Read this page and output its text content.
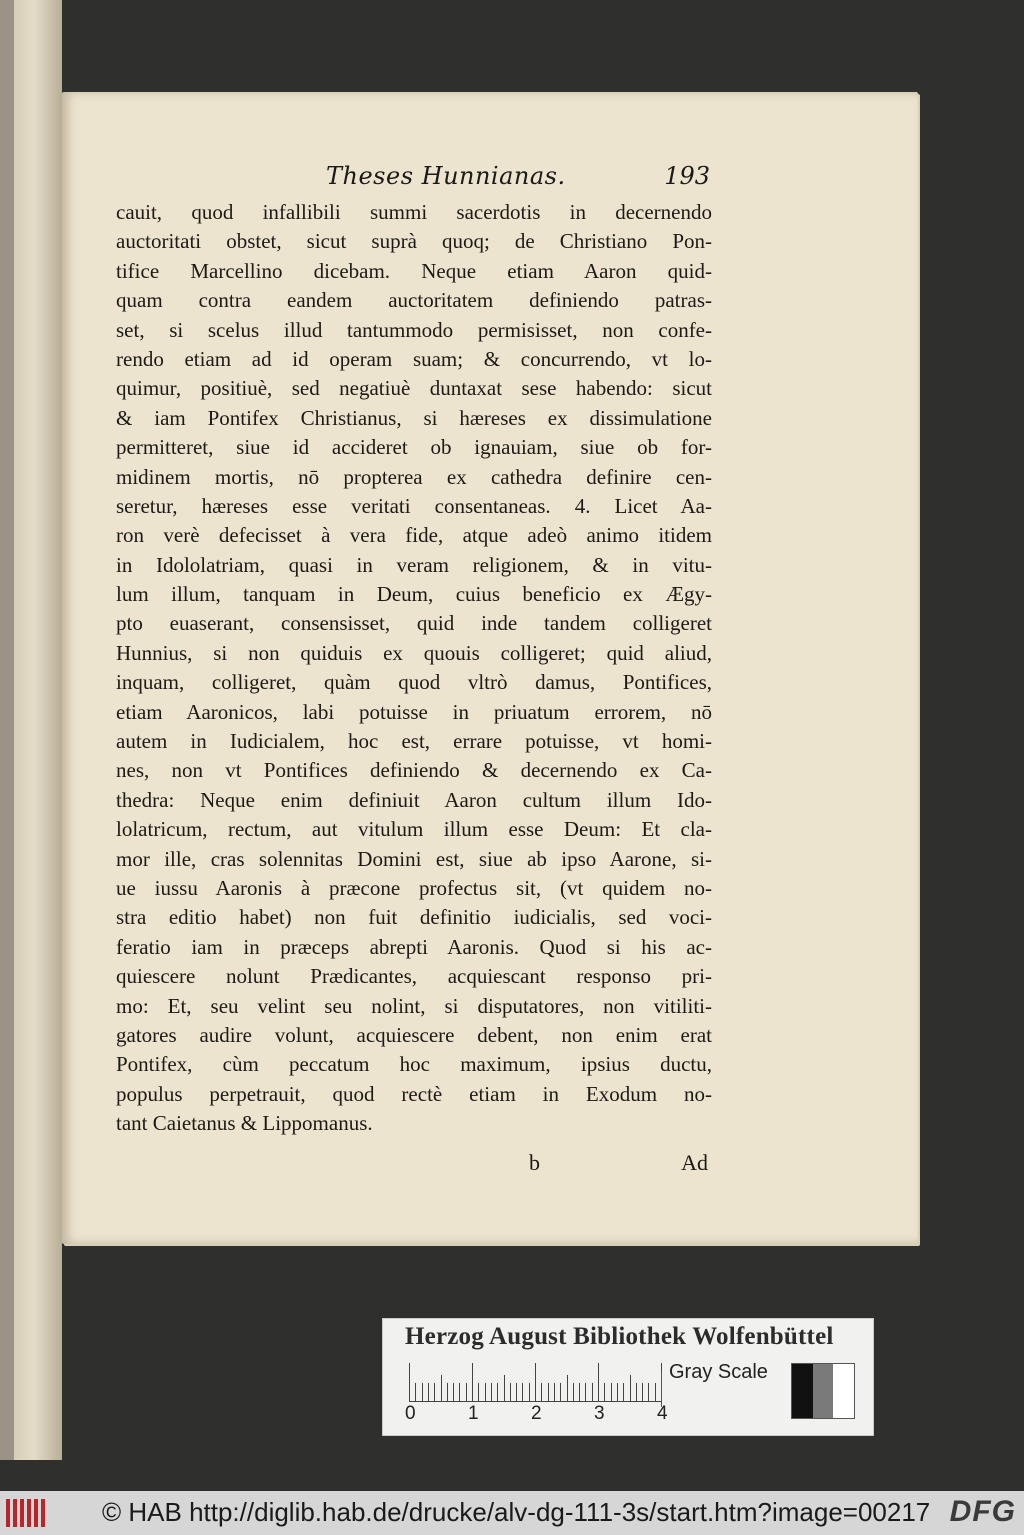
Theses Hunnianas.	193
cauit, quod infallibili summi sacerdotis in decernendo
auctoritati obstet, sicut suprà quoq; de Christiano Pon-
tifice Marcellino dicebam. Neque etiam Aaron quid-
quam contra eandem auctoritatem definiendo patras-
set, si scelus illud tantummodo permisisset, non confe-
rendo etiam ad id operam suam; & concurrendo, vt lo-
quimur, positiuè, sed negatiuè duntaxat sese habendo: sicut
& iam Pontifex Christianus, si hæreses ex dissimulatione
permitteret, siue id accideret ob ignauiam, siue ob for-
midinem mortis, nō propterea ex cathedra definire cen-
seretur, hæreses esse veritati consentaneas. 4. Licet Aa-
ron verè defecisset à vera fide, atque adeò animo itidem
in Idololatriam, quasi in veram religionem, & in vitu-
lum illum, tanquam in Deum, cuius beneficio ex Ægy-
pto euaserant, consensisset, quid inde tandem colligeret
Hunnius, si non quiduis ex quouis colligeret; quid aliud,
inquam, colligeret, quàm quod vltrò damus, Pontifices,
etiam Aaronicos, labi potuisse in priuatum errorem, nō
autem in Iudicialem, hoc est, errare potuisse, vt homi-
nes, non vt Pontifices definiendo & decernendo ex Ca-
thedra: Neque enim definiuit Aaron cultum illum Ido-
lolatricum, rectum, aut vitulum illum esse Deum: Et cla-
mor ille, cras solennitas Domini est, siue ab ipso Aarone, si-
ue iussu Aaronis à præcone profectus sit, (vt quidem no-
stra editio habet) non fuit definitio iudicialis, sed voci-
feratio iam in præceps abrepti Aaronis. Quod si his ac-
quiescere nolunt Prædicantes, acquiescant responso pri-
mo: Et, seu velint seu nolint, si disputatores, non vitiliti-
gatores audire volunt, acquiescere debent, non enim erat
Pontifex, cùm peccatum hoc maximum, ipsius ductu,
populus perpetrauit, quod rectè etiam in Exodum no-
tant Caietanus & Lippomanus.
b	Ad
Herzog August Bibliothek Wolfenbüttel
0	1	2	3	4
Gray Scale
© HAB http://diglib.hab.de/drucke/alv-dg-111-3s/start.htm?image=00217 DFG
